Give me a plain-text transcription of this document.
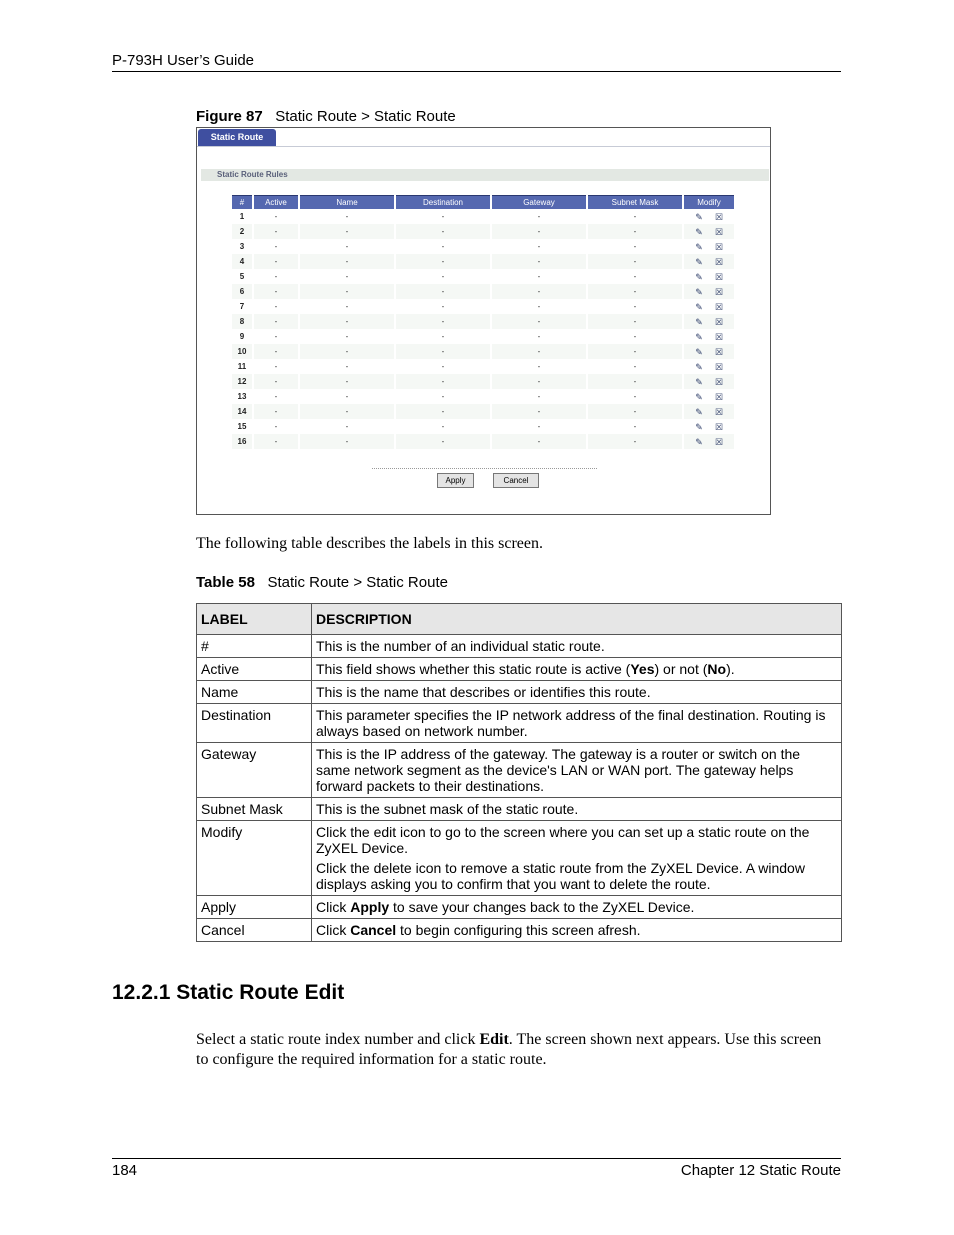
P-793H User’s Guide
Figure 87 Static Route > Static Route
Static Route
Static Route Rules
#	Active	Name	Destination	Gateway	Subnet Mask	Modify
1	-	-	-	-	-	✎ ☒
2	-	-	-	-	-	✎ ☒
3	-	-	-	-	-	✎ ☒
4	-	-	-	-	-	✎ ☒
5	-	-	-	-	-	✎ ☒
6	-	-	-	-	-	✎ ☒
7	-	-	-	-	-	✎ ☒
8	-	-	-	-	-	✎ ☒
9	-	-	-	-	-	✎ ☒
10	-	-	-	-	-	✎ ☒
11	-	-	-	-	-	✎ ☒
12	-	-	-	-	-	✎ ☒
13	-	-	-	-	-	✎ ☒
14	-	-	-	-	-	✎ ☒
15	-	-	-	-	-	✎ ☒
16	-	-	-	-	-	✎ ☒
Apply	Cancel
The following table describes the labels in this screen.
Table 58 Static Route > Static Route
LABEL	DESCRIPTION
#	This is the number of an individual static route.

Active	This field shows whether this static route is active (Yes) or not (No).

Name	This is the name that describes or identifies this route.

Destination	This parameter specifies the IP network address of the final destination. Routing is always based on network number.

Gateway	This is the IP address of the gateway. The gateway is a router or switch on the same network segment as the device's LAN or WAN port. The gateway helps forward packets to their destinations.

Subnet Mask	This is the subnet mask of the static route.

Modify	Click the edit icon to go to the screen where you can set up a static route on the ZyXEL Device.

Click the delete icon to remove a static route from the ZyXEL Device. A window displays asking you to confirm that you want to delete the route.

Apply	Click Apply to save your changes back to the ZyXEL Device.

Cancel	Click Cancel to begin configuring this screen afresh.

12.2.1 Static Route Edit
Select a static route index number and click Edit. The screen shown next appears. Use this screen to configure the required information for a static route.
184	Chapter 12 Static Route
